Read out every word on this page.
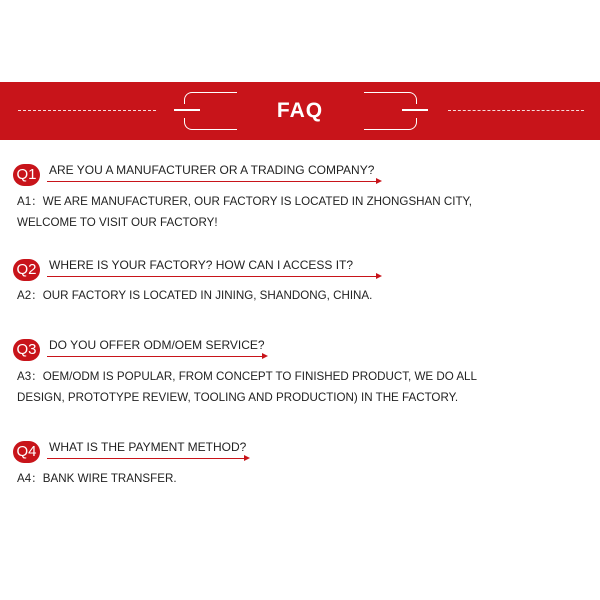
FAQ
Q1 ARE YOU A MANUFACTURER OR A TRADING COMPANY?
A1：WE ARE MANUFACTURER, OUR FACTORY IS LOCATED IN ZHONGSHAN CITY, WELCOME TO VISIT OUR FACTORY!
Q2 WHERE IS YOUR FACTORY? HOW CAN I ACCESS IT?
A2：OUR FACTORY IS LOCATED IN JINING, SHANDONG, CHINA.
Q3 DO YOU OFFER ODM/OEM SERVICE?
A3：OEM/ODM IS POPULAR, FROM CONCEPT TO FINISHED PRODUCT, WE DO ALL DESIGN, PROTOTYPE REVIEW, TOOLING AND PRODUCTION) IN THE FACTORY.
Q4 WHAT IS THE PAYMENT METHOD?
A4：BANK WIRE TRANSFER.
